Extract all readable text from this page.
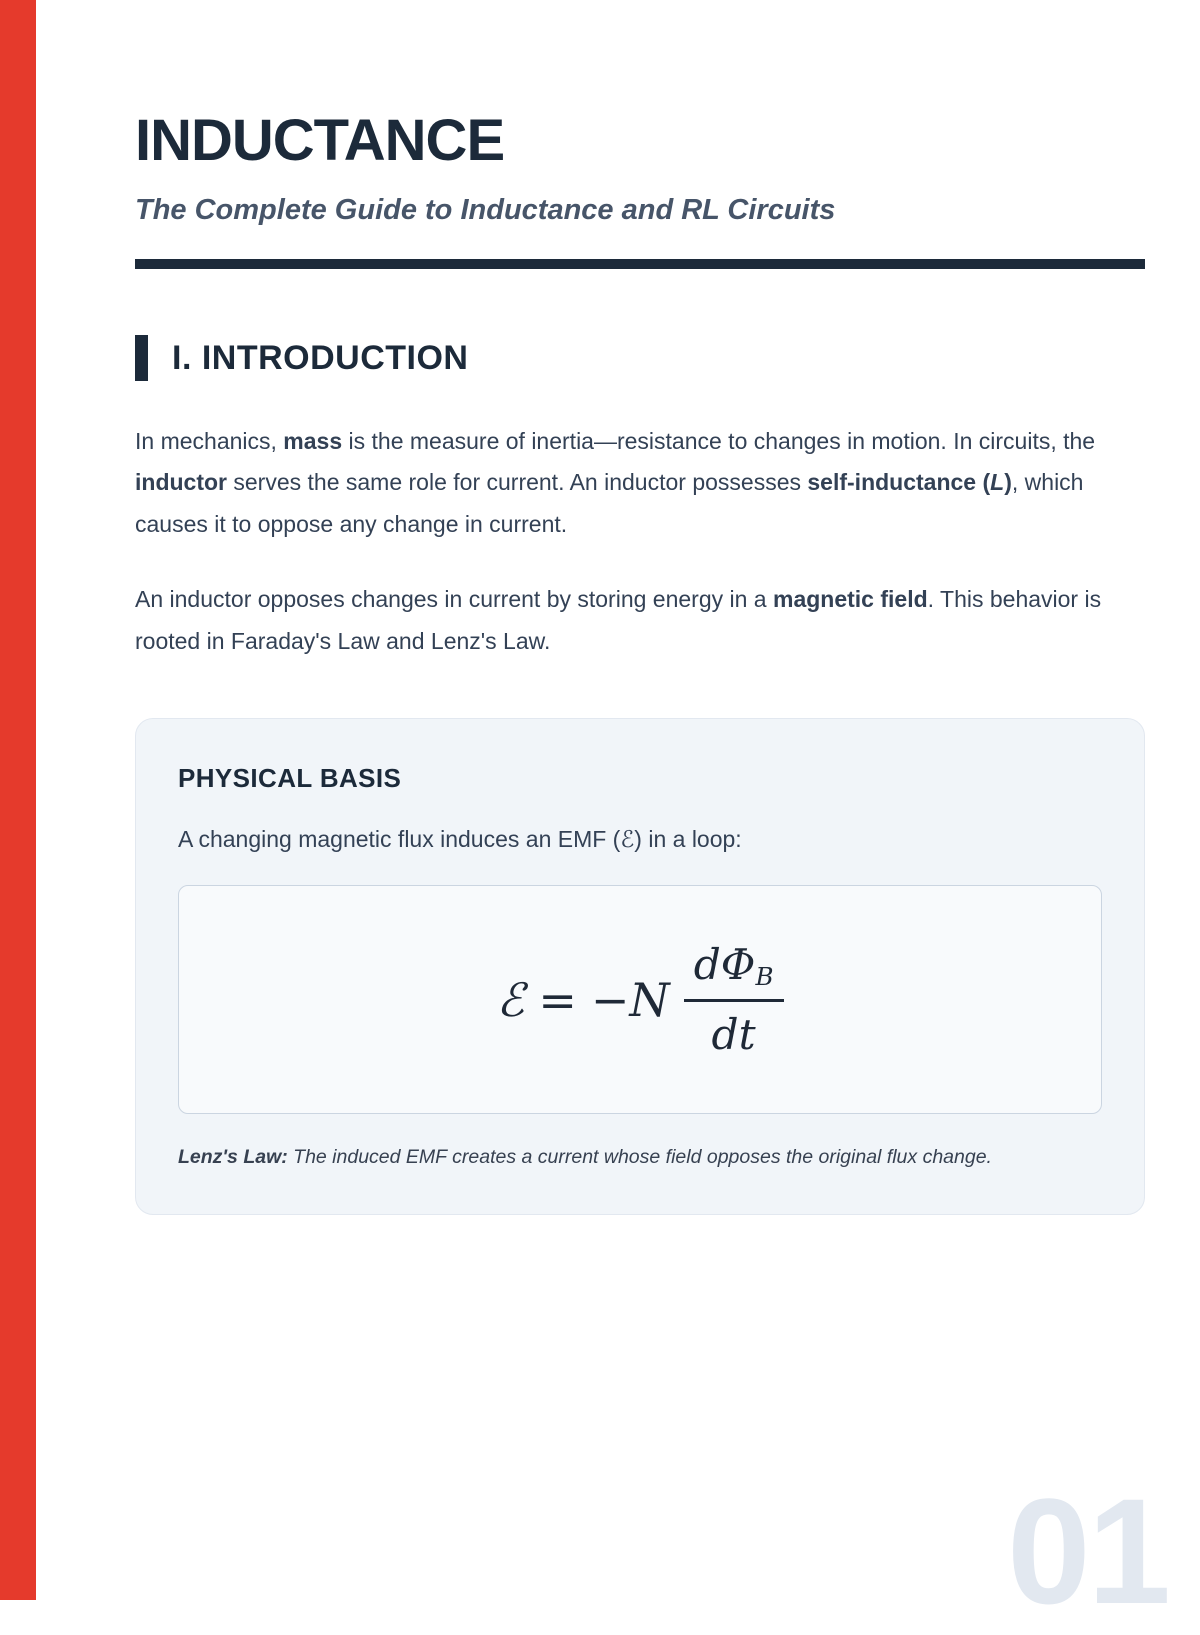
INDUCTANCE
The Complete Guide to Inductance and RL Circuits
I. INTRODUCTION

In mechanics, mass is the measure of inertia—resistance to changes in motion. In circuits, the inductor serves the same role for current. An inductor possesses self-inductance (L), which causes it to oppose any change in current.

An inductor opposes changes in current by storing energy in a magnetic field. This behavior is rooted in Faraday's Law and Lenz's Law.

PHYSICAL BASIS
A changing magnetic flux induces an EMF (ℰ) in a loop:
ℰ = $-N \frac{d\Phi_B}{dt}$
Lenz's Law: The induced EMF creates a current whose field opposes the original flux change.
01
